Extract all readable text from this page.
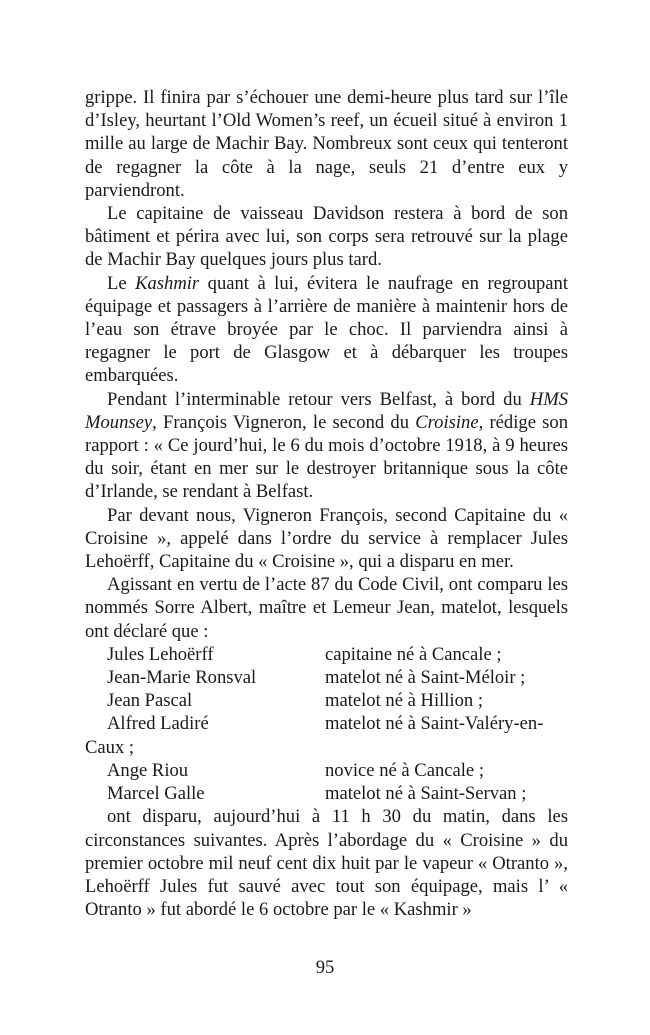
grippe. Il finira par s’échouer une demi-heure plus tard sur l’île d’Isley, heurtant l’Old Women’s reef, un écueil situé à environ 1 mille au large de Machir Bay. Nombreux sont ceux qui tenteront de regagner la côte à la nage, seuls 21 d’entre eux y parviendront.

Le capitaine de vaisseau Davidson restera à bord de son bâtiment et périra avec lui, son corps sera retrouvé sur la plage de Machir Bay quelques jours plus tard.

Le Kashmir quant à lui, évitera le naufrage en regroupant équipage et passagers à l’arrière de manière à maintenir hors de l’eau son étrave broyée par le choc. Il parviendra ainsi à regagner le port de Glasgow et à débarquer les troupes embarquées.

Pendant l’interminable retour vers Belfast, à bord du HMS Mounsey, François Vigneron, le second du Croisine, rédige son rapport : « Ce jourd’hui, le 6 du mois d’octobre 1918, à 9 heures du soir, étant en mer sur le destroyer britannique sous la côte d’Irlande, se rendant à Belfast.

Par devant nous, Vigneron François, second Capitaine du « Croisine », appelé dans l’ordre du service à remplacer Jules Lehoërff, Capitaine du « Croisine », qui a disparu en mer.

Agissant en vertu de l’acte 87 du Code Civil, ont comparu les nommés Sorre Albert, maître et Lemeur Jean, matelot, lesquels ont déclaré que :

Jules Lehoërff	capitaine né à Cancale ;
Jean-Marie Ronsval	matelot né à Saint-Méloir ;
Jean Pascal	matelot né à Hillion ;
Alfred Ladiré	matelot né à Saint-Valéry-en-
Caux ;
Ange Riou	novice né à Cancale ;
Marcel Galle	matelot né à Saint-Servan ;

ont disparu, aujourd’hui à 11 h 30 du matin, dans les circonstances suivantes. Après l’abordage du « Croisine » du premier octobre mil neuf cent dix huit par le vapeur « Otranto », Lehoërff Jules fut sauvé avec tout son équipage, mais l’ « Otranto » fut abordé le 6 octobre par le « Kashmir »

95
